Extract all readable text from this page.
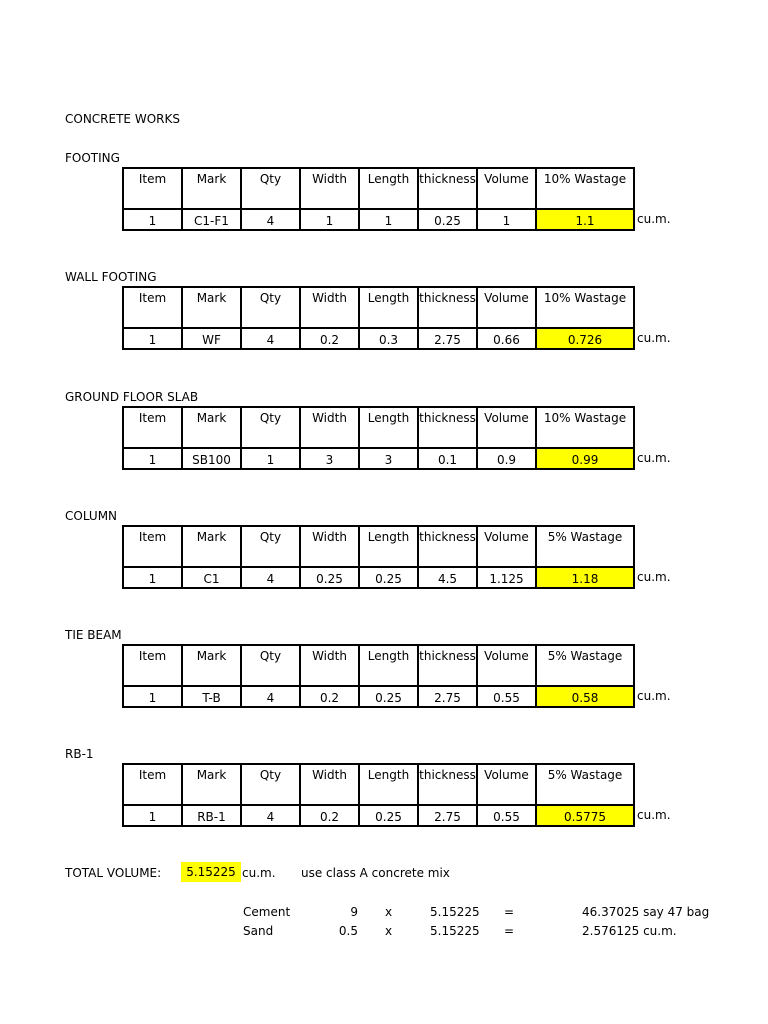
CONCRETE WORKS
FOOTING
Item	Mark	Qty	Width	Length	thickness	Volume	10% Wastage
1	C1-F1	4	1	1	0.25	1	1.1	cu.m.
WALL FOOTING
Item	Mark	Qty	Width	Length	thickness	Volume	10% Wastage
1	WF	4	0.2	0.3	2.75	0.66	0.726	cu.m.
GROUND FLOOR SLAB
Item	Mark	Qty	Width	Length	thickness	Volume	10% Wastage
1	SB100	1	3	3	0.1	0.9	0.99	cu.m.
COLUMN
Item	Mark	Qty	Width	Length	thickness	Volume	5% Wastage
1	C1	4	0.25	0.25	4.5	1.125	1.18	cu.m.
TIE BEAM
Item	Mark	Qty	Width	Length	thickness	Volume	5% Wastage
1	T-B	4	0.2	0.25	2.75	0.55	0.58	cu.m.
RB-1
Item	Mark	Qty	Width	Length	thickness	Volume	5% Wastage
1	RB-1	4	0.2	0.25	2.75	0.55	0.5775	cu.m.
TOTAL VOLUME:	5.15225 cu.m. use class A concrete mix
Cement	9 x	5.15225 =	46.37025 say 47 bag
Sand	0.5 x	5.15225 =	2.576125 cu.m.
